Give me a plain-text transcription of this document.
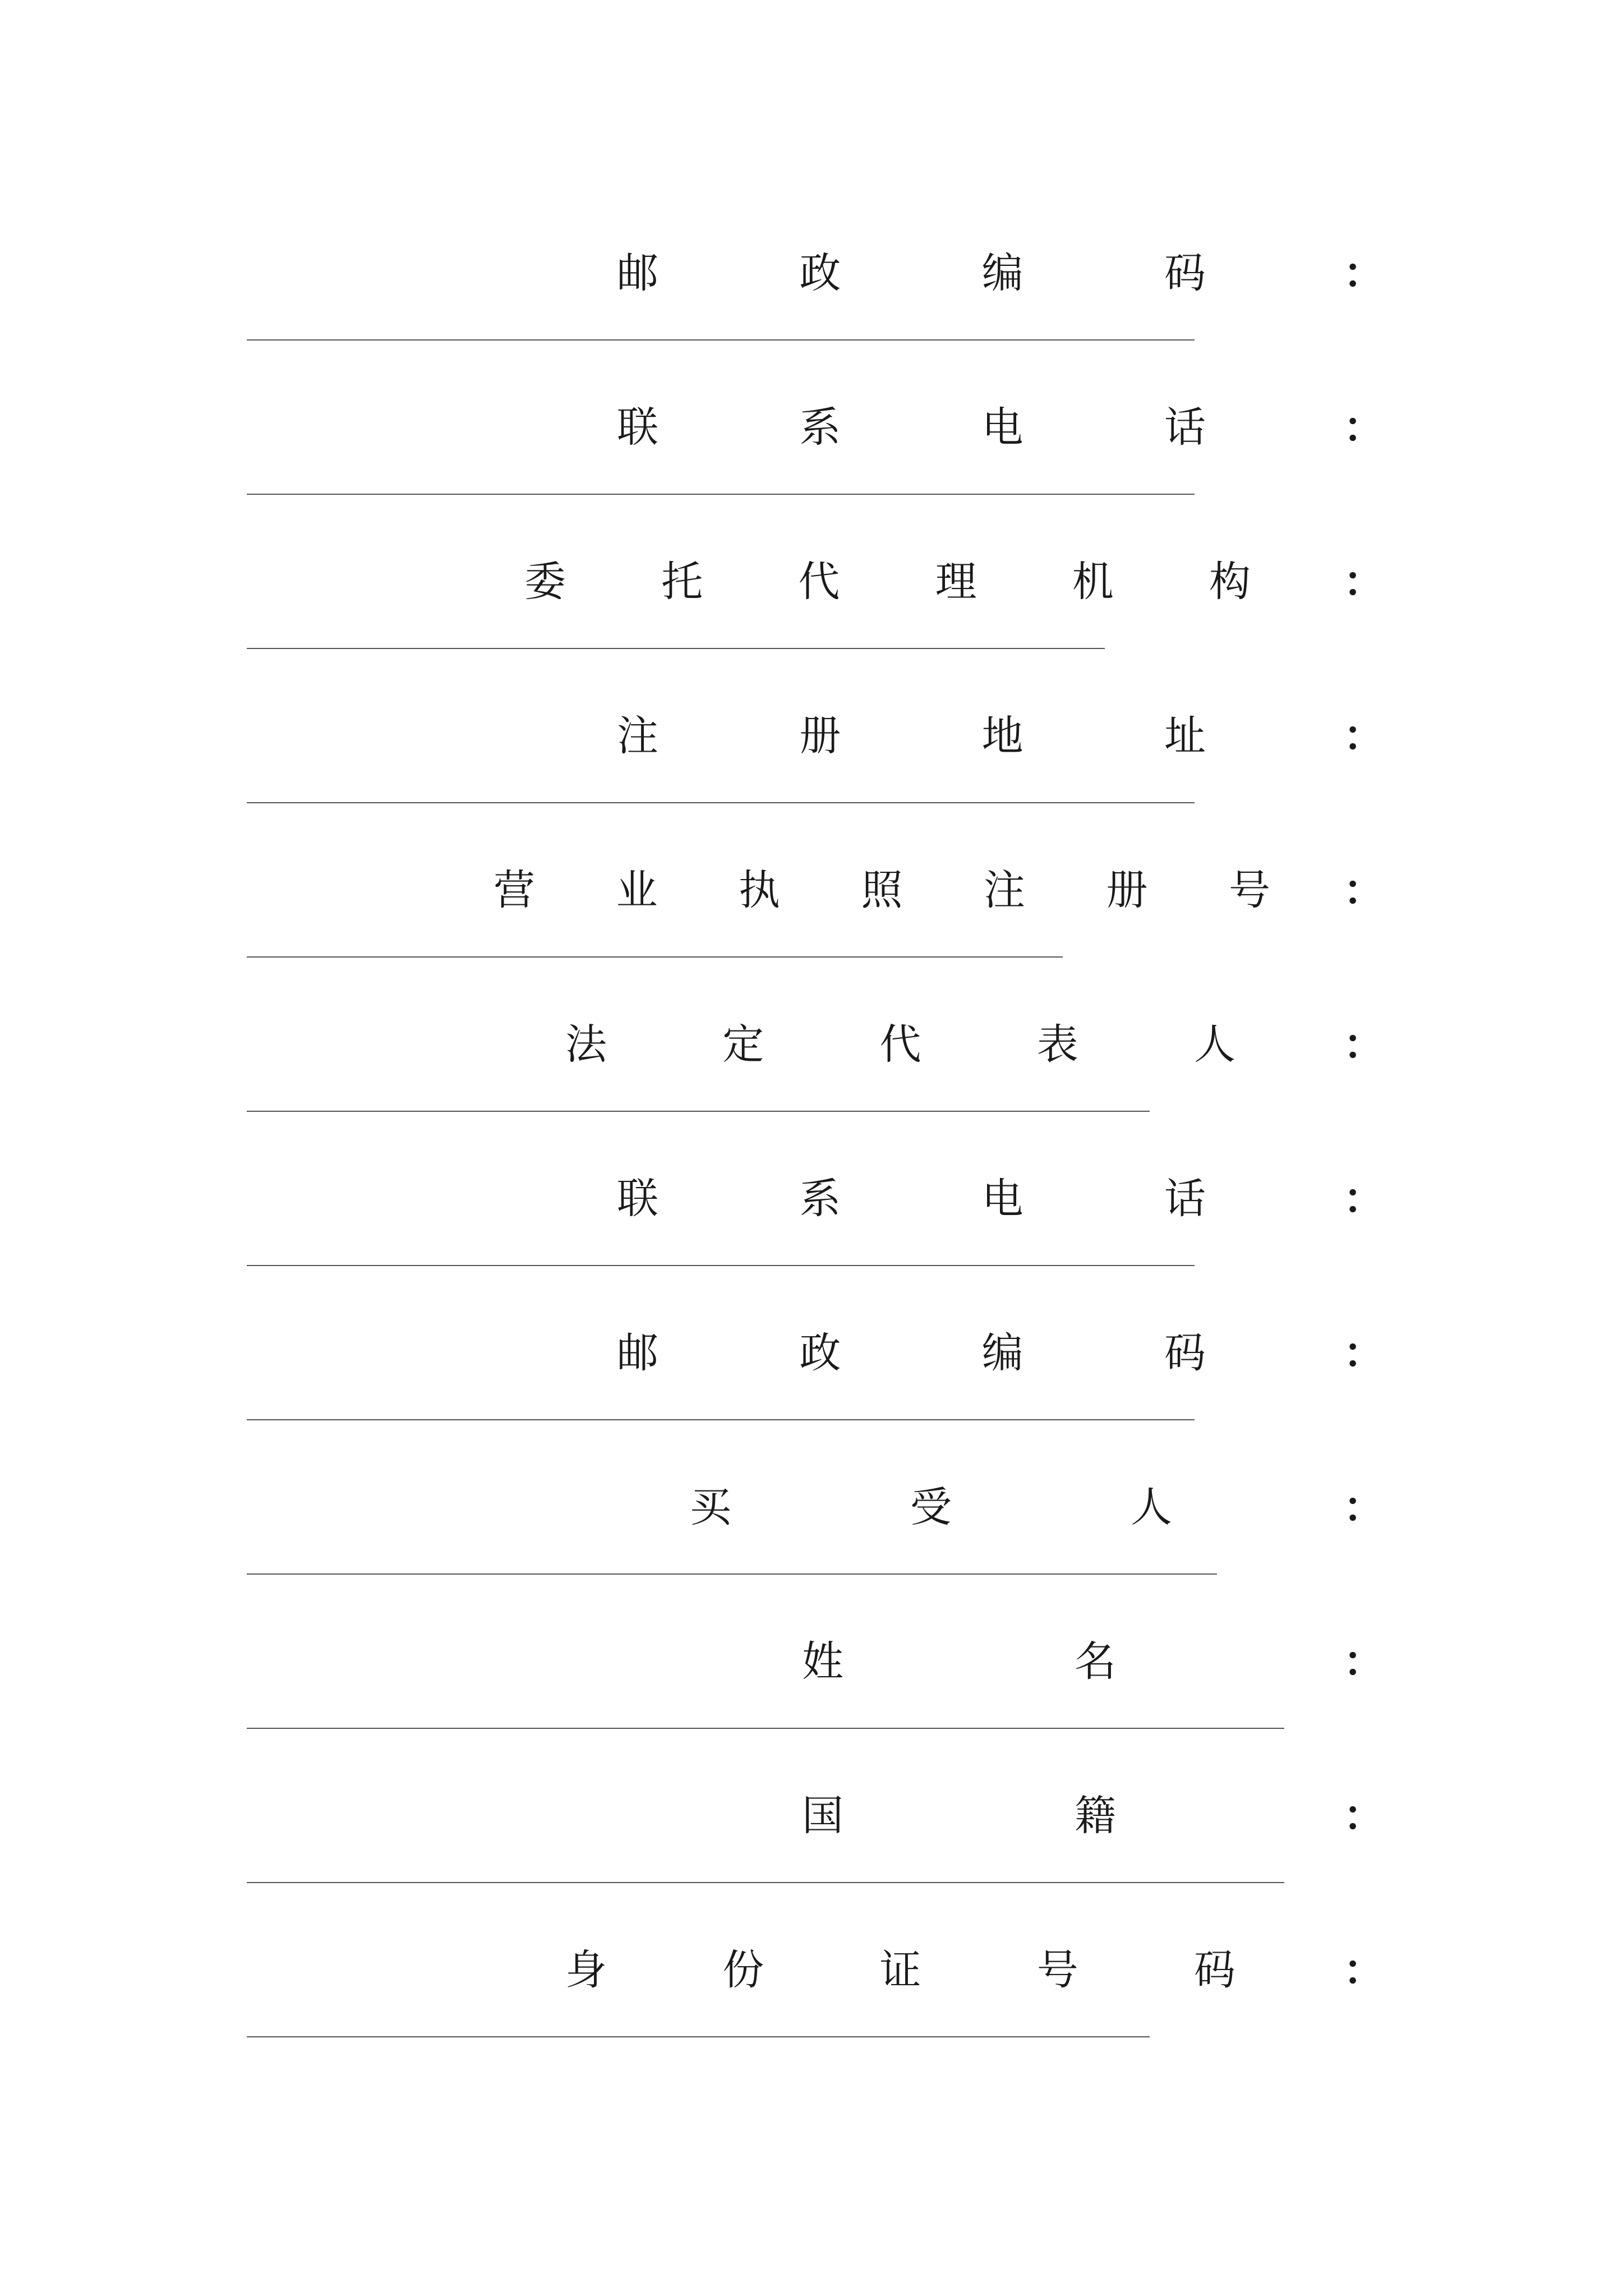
邮	政	编	码	：
联	系	电	话	：
委 托 代 理 机 构 ：
注	册	地	址	：
营 业 执 照 注 册 号 ：
法	定	代	表	人	：
联	系	电	话	：
邮	政	编	码	：
买	受	人	：
姓	名	：
国	籍	：
身	份	证	号	码	：
